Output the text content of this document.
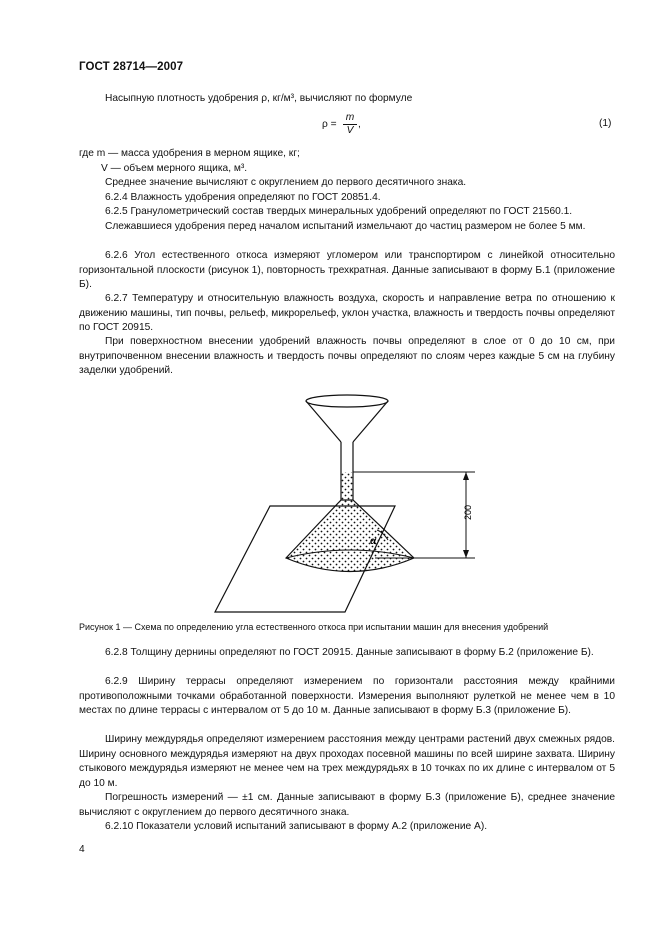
ГОСТ 28714—2007

Насыпную плотность удобрения ρ, кг/м³, вычисляют по формуле

$\rho = \frac{m}{V}$ ,	(1)
где m — масса удобрения в мерном ящике, кг;
V — объем мерного ящика, м³.

Среднее значение вычисляют с округлением до первого десятичного знака.

6.2.4 Влажность удобрения определяют по ГОСТ 20851.4.

6.2.5 Гранулометрический состав твердых минеральных удобрений определяют по ГОСТ 21560.1.

Слежавшиеся удобрения перед началом испытаний измельчают до частиц размером не более 5 мм.

6.2.6 Угол естественного откоса измеряют угломером или транспортиром с линейкой относительно горизонтальной плоскости (рисунок 1), повторность трехкратная. Данные записывают в форму Б.1 (приложение Б).

6.2.7 Температуру и относительную влажность воздуха, скорость и направление ветра по отношению к движению машины, тип почвы, рельеф, микрорельеф, уклон участка, влажность и твердость почвы определяют по ГОСТ 20915.

При поверхностном внесении удобрений влажность почвы определяют в слое от 0 до 10 см, при внутрипочвенном внесении влажность и твердость почвы определяют по слоям через каждые 5 см на глубину заделки удобрений.

α
200
Рисунок 1 — Схема по определению угла естественного откоса при испытании машин для внесения удобрений

6.2.8 Толщину дернины определяют по ГОСТ 20915. Данные записывают в форму Б.2 (приложение Б).

6.2.9 Ширину террасы определяют измерением по горизонтали расстояния между крайними противоположными точками обработанной поверхности. Измерения выполняют рулеткой не менее чем в 10 местах по длине террасы с интервалом от 5 до 10 м. Данные записывают в форму Б.3 (приложение Б).

Ширину междурядья определяют измерением расстояния между центрами растений двух смежных рядов. Ширину основного междурядья измеряют на двух проходах посевной машины по всей ширине захвата. Ширину стыкового междурядья измеряют не менее чем на трех междурядьях в 10 точках по их длине с интервалом от 5 до 10 м.

Погрешность измерений — ±1 см. Данные записывают в форму Б.3 (приложение Б), среднее значение вычисляют с округлением до первого десятичного знака.

6.2.10 Показатели условий испытаний записывают в форму А.2 (приложение А).

4
